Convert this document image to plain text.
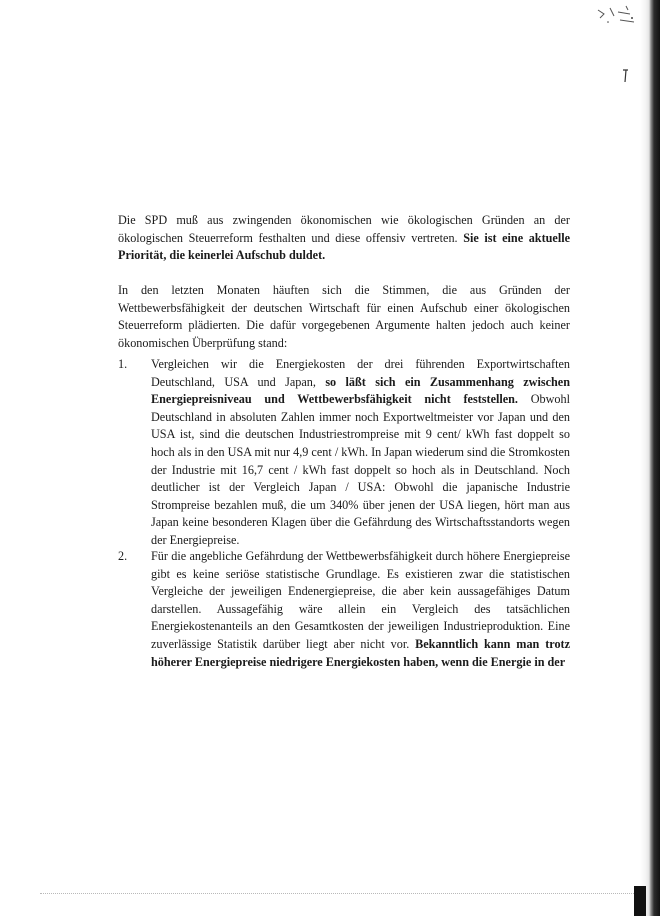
Die SPD muß aus zwingenden ökonomischen wie ökologischen Gründen an der ökologischen Steuerreform festhalten und diese offensiv vertreten. Sie ist eine aktuelle Priorität, die keinerlei Aufschub duldet.

In den letzten Monaten häuften sich die Stimmen, die aus Gründen der Wettbewerbsfähigkeit der deutschen Wirtschaft für einen Aufschub einer ökologischen Steuerreform plädierten. Die dafür vorgegebenen Argumente halten jedoch auch keiner ökonomischen Überprüfung stand:

1. Vergleichen wir die Energiekosten der drei führenden Exportwirtschaften Deutschland, USA und Japan, so läßt sich ein Zusammenhang zwischen Energiepreisniveau und Wettbewerbsfähigkeit nicht feststellen. Obwohl Deutschland in absoluten Zahlen immer noch Exportweltmeister vor Japan und den USA ist, sind die deutschen Industriestrompreise mit 9 cent/ kWh fast doppelt so hoch als in den USA mit nur 4,9 cent / kWh. In Japan wiederum sind die Stromkosten der Industrie mit 16,7 cent / kWh fast doppelt so hoch als in Deutschland. Noch deutlicher ist der Vergleich Japan / USA: Obwohl die japanische Industrie Strompreise bezahlen muß, die um 340% über jenen der USA liegen, hört man aus Japan keine besonderen Klagen über die Gefährdung des Wirtschaftsstandorts wegen der Energiepreise.

2. Für die angebliche Gefährdung der Wettbewerbsfähigkeit durch höhere Energiepreise gibt es keine seriöse statistische Grundlage. Es existieren zwar die statistischen Vergleiche der jeweiligen Endenergiepreise, die aber kein aussagefähiges Datum darstellen. Aussagefähig wäre allein ein Vergleich des tatsächlichen Energiekostenanteils an den Gesamtkosten der jeweiligen Industrieproduktion. Eine zuverlässige Statistik darüber liegt aber nicht vor. Bekanntlich kann man trotz höherer Energiepreise niedrigere Energiekosten haben, wenn die Energie in der
